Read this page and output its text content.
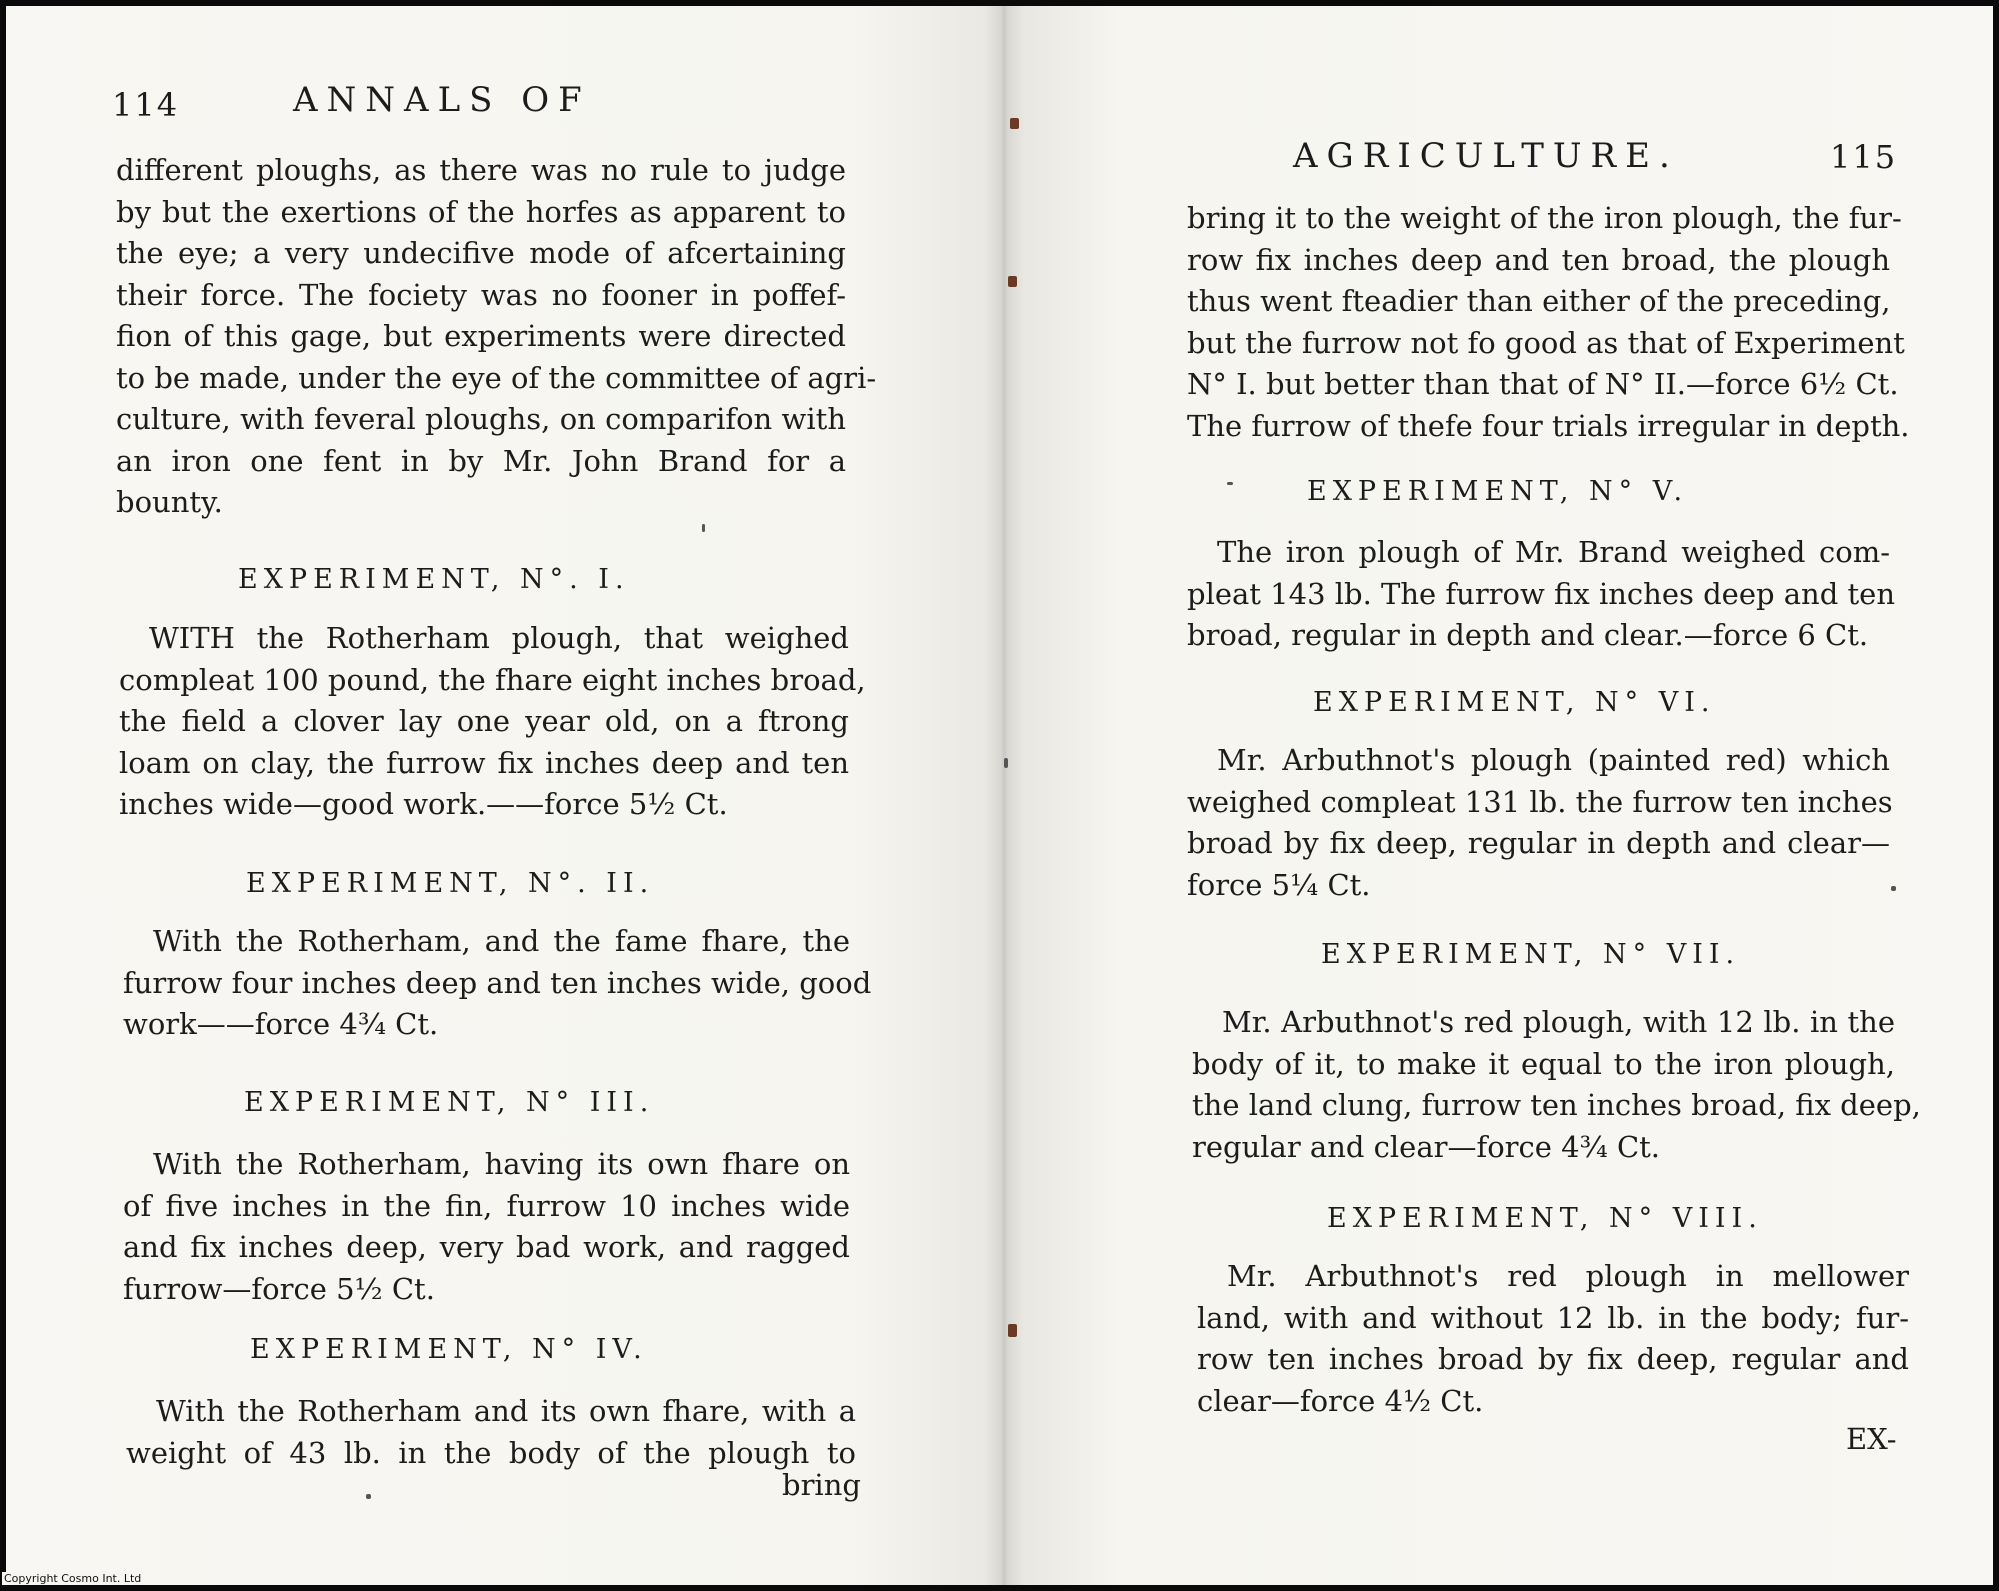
114	ANNALS OF
different ploughs, as there was no rule to judge
by but the exertions of the horfes as apparent to
the eye; a very undecifive mode of afcertaining
their force. The fociety was no fooner in poffef-
fion of this gage, but experiments were directed
to be made, under the eye of the committee of agri-
culture, with feveral ploughs, on comparifon with
an iron one fent in by Mr. John Brand for a
bounty.
EXPERIMENT, N°. I.
WITH the Rotherham plough, that weighed
compleat 100 pound, the fhare eight inches broad,
the field a clover lay one year old, on a ftrong
loam on clay, the furrow fix inches deep and ten
inches wide—good work.——force 5½ Ct.
EXPERIMENT, N°. II.
With the Rotherham, and the fame fhare, the
furrow four inches deep and ten inches wide, good
work——force 4¾ Ct.
EXPERIMENT, N° III.
With the Rotherham, having its own fhare on
of five inches in the fin, furrow 10 inches wide
and fix inches deep, very bad work, and ragged
furrow—force 5½ Ct.
EXPERIMENT, N° IV.
With the Rotherham and its own fhare, with a
weight of 43 lb. in the body of the plough to
bring
AGRICULTURE.	115
bring it to the weight of the iron plough, the fur-
row fix inches deep and ten broad, the plough
thus went fteadier than either of the preceding,
but the furrow not fo good as that of Experiment
N° I. but better than that of N° II.—force 6½ Ct.
The furrow of thefe four trials irregular in depth.
EXPERIMENT, N° V.
The iron plough of Mr. Brand weighed com-
pleat 143 lb. The furrow fix inches deep and ten
broad, regular in depth and clear.—force 6 Ct.
EXPERIMENT, N° VI.
Mr. Arbuthnot's plough (painted red) which
weighed compleat 131 lb. the furrow ten inches
broad by fix deep, regular in depth and clear—
force 5¼ Ct.
EXPERIMENT, N° VII.
Mr. Arbuthnot's red plough, with 12 lb. in the
body of it, to make it equal to the iron plough,
the land clung, furrow ten inches broad, fix deep,
regular and clear—force 4¾ Ct.
EXPERIMENT, N° VIII.
Mr. Arbuthnot's red plough in mellower
land, with and without 12 lb. in the body; fur-
row ten inches broad by fix deep, regular and
clear—force 4½ Ct.
EX-
Copyright Cosmo Int. Ltd
